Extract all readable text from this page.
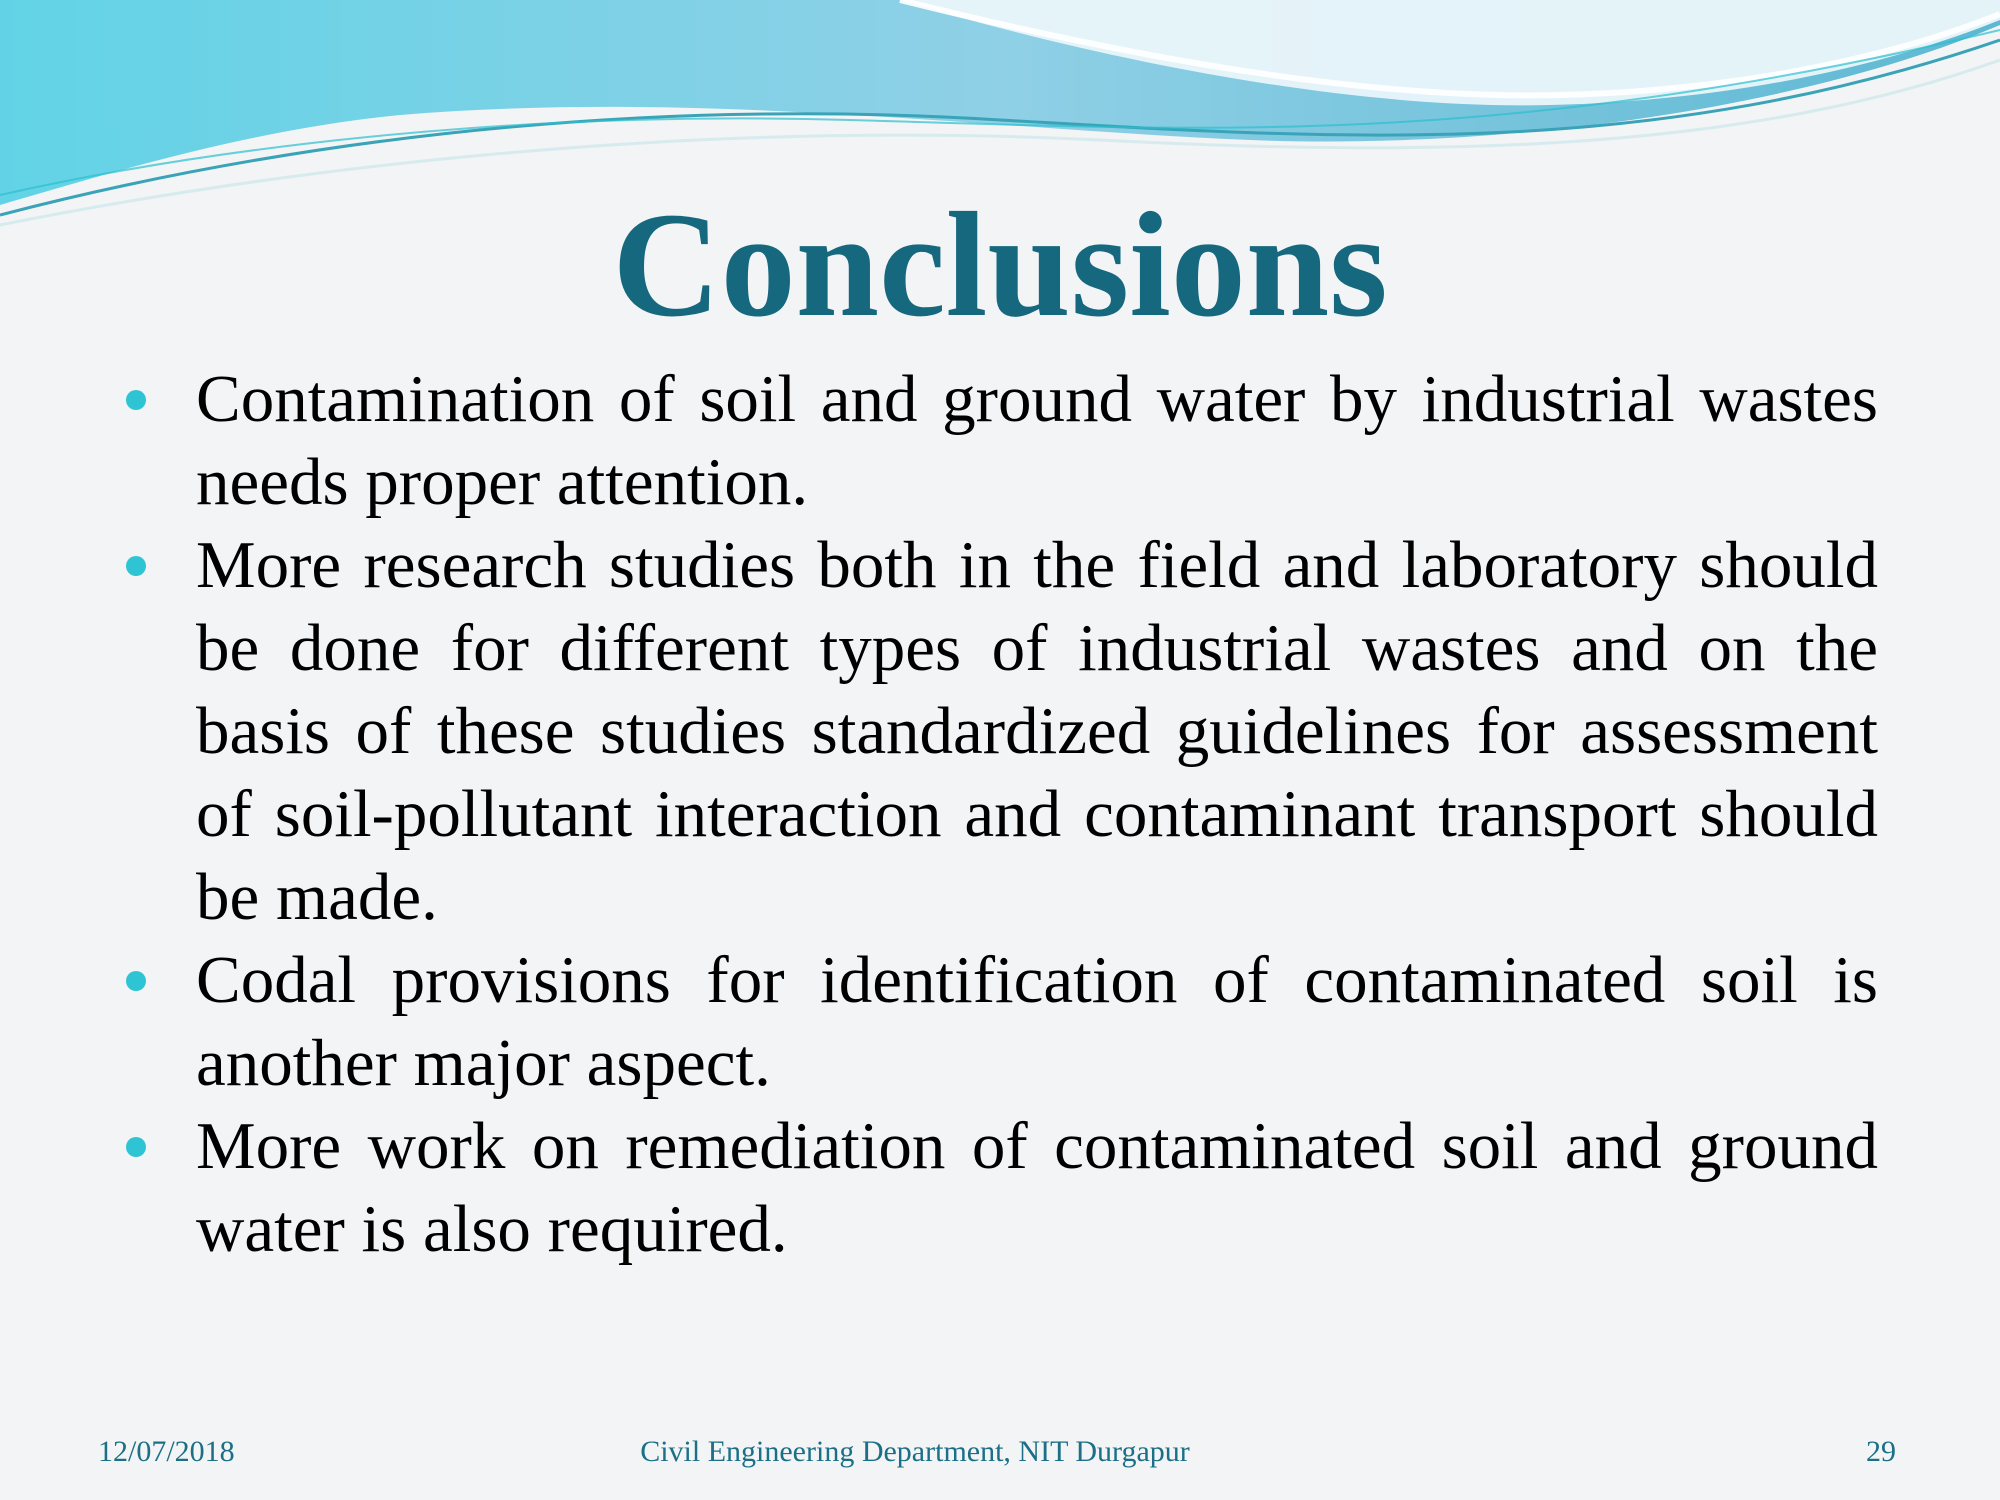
Conclusions
Contamination of soil and ground water by industrial wastes needs proper attention.
More research studies both in the field and laboratory should be done for different types of industrial wastes and on the basis of these studies standardized guidelines for assessment of soil-pollutant interaction and contaminant transport should be made.
Codal provisions for identification of contaminated soil is another major aspect.
More work on remediation of contaminated soil and ground water is also required.
12/07/2018	Civil Engineering Department, NIT Durgapur	29
